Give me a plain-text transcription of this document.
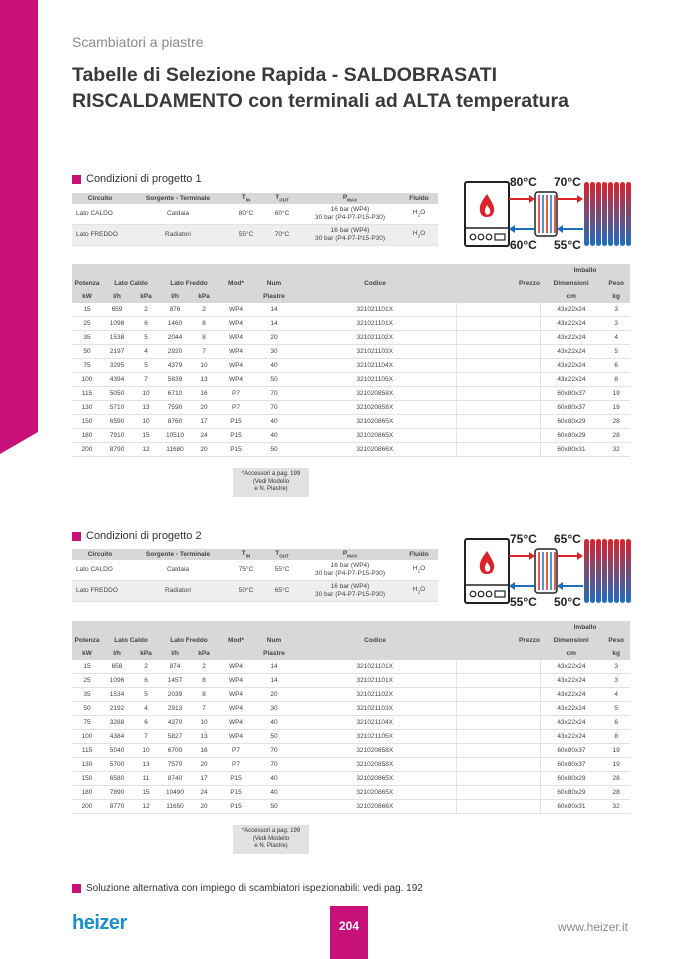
Scambiatori a piastre
Tabelle di Selezione Rapida - SALDOBRASATI
RISCALDAMENTO con terminali ad ALTA temperatura
Condizioni di progetto 1
Circuito	Sorgente - Terminale	$T_{IN}$	$T_{OUT}$	$P_{MAX}$	Fluido
Lato CALDO	Caldaia	80°C	60°C	16 bar (WP4)
30 bar (P4-P7-P15-P30)	$H_2O$
Lato FREDDO	Radiatori	55°C	70°C	16 bar (WP4)
30 bar (P4-P7-P15-P30)	$H_2O$
80°C 70°C
60°C 55°C
									Imballo	
Potenza	Lato Caldo		Lato Freddo		Mod*	Num	Codice	Prezzo	Dimensioni	Peso
kW	l/h	kPa	l/h	kPa		Piastre			cm	kg
15	659	2	876	2	WP4	14	321021101X		43x22x24	3
25	1098	6	1460	8	WP4	14	321021101X		43x22x24	3
35	1538	5	2044	8	WP4	20	321021102X		43x22x24	4
50	2197	4	2920	7	WP4	30	321021103X		43x22x24	5
75	3295	5	4379	10	WP4	40	321021104X		43x22x24	6
100	4394	7	5839	13	WP4	50	321021105X		43x22x24	8
115	5050	10	6710	16	P7	70	321020858X		60x80x37	19
130	5710	13	7590	20	P7	70	321020858X		60x80x37	19
150	6590	10	8760	17	P15	40	321020865X		60x80x29	28
180	7910	15	10510	24	P15	40	321020865X		60x80x29	28
200	8790	12	11680	20	P15	50	321020866X		60x80x31	32
*Accessori a pag. 199
(Vedi Modello
e N. Piastre)
Condizioni di progetto 2
Circuito	Sorgente - Terminale	$T_{IN}$	$T_{OUT}$	$P_{MAX}$	Fluido
Lato CALDO	Caldaia	75°C	55°C	16 bar (WP4)
30 bar (P4-P7-P15-P30)	$H_2O$
Lato FREDDO	Radiatori	50°C	65°C	16 bar (WP4)
30 bar (P4-P7-P15-P30)	$H_2O$
75°C 65°C
55°C 50°C
									Imballo	
Potenza	Lato Caldo		Lato Freddo		Mod*	Num	Codice	Prezzo	Dimensioni	Peso
kW	l/h	kPa	l/h	kPa		Piastre			cm	kg
15	658	2	874	2	WP4	14	321021101X		43x22x24	3
25	1096	6	1457	8	WP4	14	321021101X		43x22x24	3
35	1534	5	2039	8	WP4	20	321021102X		43x22x24	4
50	2192	4	2913	7	WP4	30	321021103X		43x22x24	5
75	3288	6	4370	10	WP4	40	321021104X		43x22x24	6
100	4384	7	5827	13	WP4	50	321021105X		43x22x24	8
115	5040	10	6700	16	P7	70	321020858X		60x80x37	19
130	5700	13	7570	20	P7	70	321020858X		60x80x37	19
150	6580	11	8740	17	P15	40	321020865X		60x80x29	28
180	7890	15	10490	24	P15	40	321020865X		60x80x29	28
200	8770	12	11650	20	P15	50	321020866X		60x80x31	32
*Accessori a pag. 199
(Vedi Modello
e N. Piastre)
Soluzione alternativa con impiego di scambiatori ispezionabili: vedi pag. 192
heizer	204	www.heizer.it
